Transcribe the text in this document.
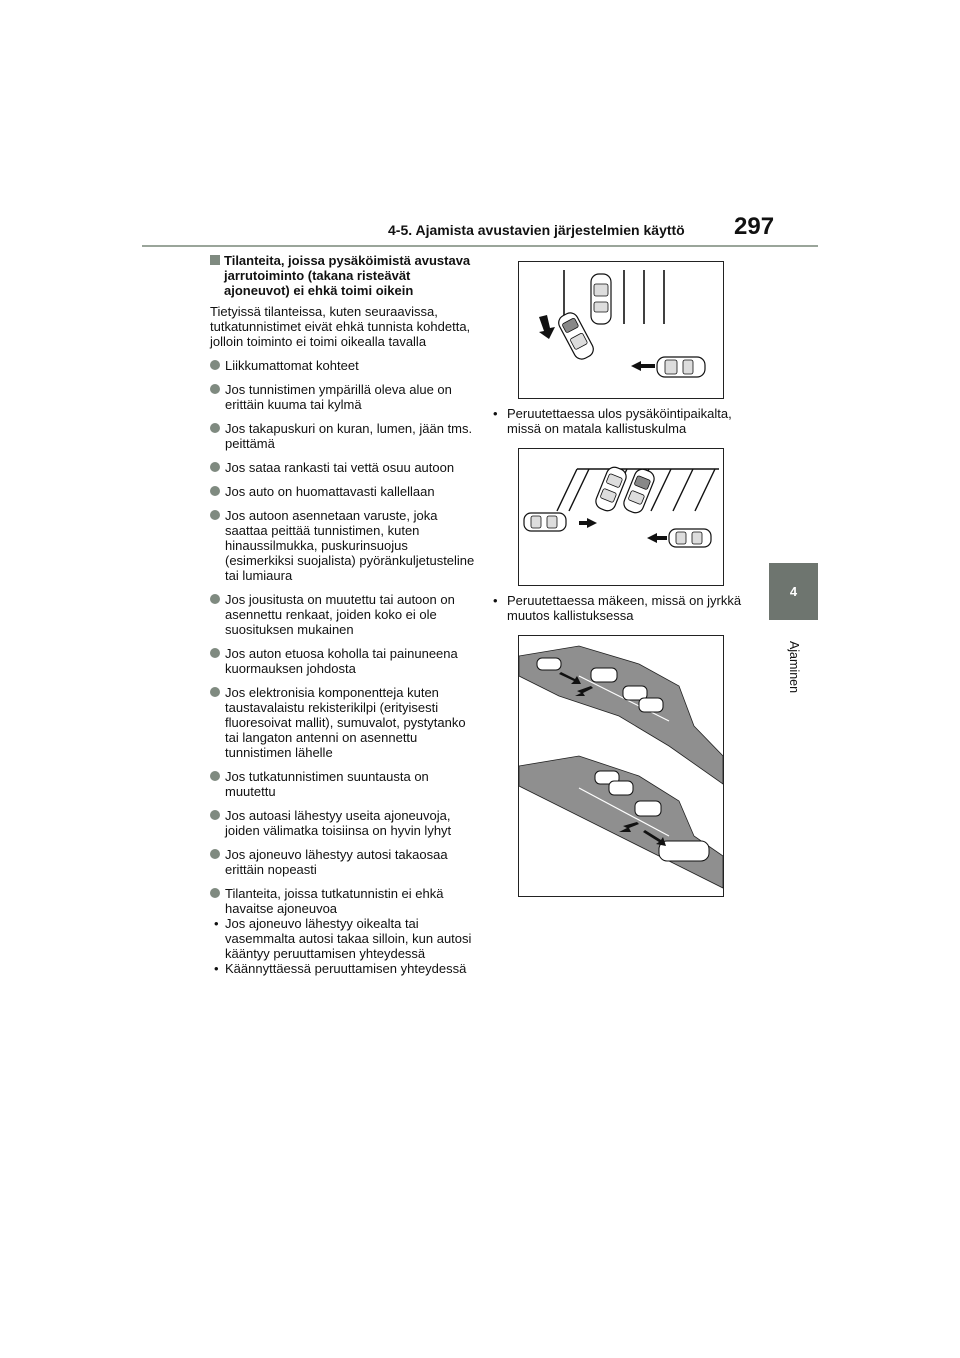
4-5. Ajamista avustavien järjestelmien käyttö 297
4
Ajaminen
Tilanteita, joissa pysäköimistä avustava jarrutoiminto (takana risteävät ajoneuvot) ei ehkä toimi oikein
Tietyissä tilanteissa, kuten seuraavissa, tutkatunnistimet eivät ehkä tunnista kohdetta, jolloin toiminto ei toimi oikealla tavalla
Liikkumattomat kohteet
Jos tunnistimen ympärillä oleva alue on erittäin kuuma tai kylmä
Jos takapuskuri on kuran, lumen, jään tms. peittämä
Jos sataa rankasti tai vettä osuu autoon
Jos auto on huomattavasti kallellaan
Jos autoon asennetaan varuste, joka saattaa peittää tunnistimen, kuten hinaussilmukka, puskurinsuojus (esimerkiksi suojalista) pyöränkuljetusteline tai lumiaura
Jos jousitusta on muutettu tai autoon on asennettu renkaat, joiden koko ei ole suosituksen mukainen
Jos auton etuosa koholla tai painuneena kuormauksen johdosta
Jos elektronisia komponentteja kuten taustavalaistu rekisterikilpi (erityisesti fluoresoivat mallit), sumuvalot, pystytanko tai langaton antenni on asennettu tunnistimen lähelle
Jos tutkatunnistimen suuntausta on muutettu
Jos autoasi lähestyy useita ajoneuvoja, joiden välimatka toisiinsa on hyvin lyhyt
Jos ajoneuvo lähestyy autosi takaosaa erittäin nopeasti
Tilanteita, joissa tutkatunnistin ei ehkä havaitse ajoneuvoa
• Jos ajoneuvo lähestyy oikealta tai vasemmalta autosi takaa silloin, kun autosi kääntyy peruuttamisen yhteydessä
• Käännyttäessä peruuttamisen yhteydessä
• Peruutettaessa ulos pysäköintipaikalta, missä on matala kallistuskulma
• Peruutettaessa mäkeen, missä on jyrkkä muutos kallistuksessa
